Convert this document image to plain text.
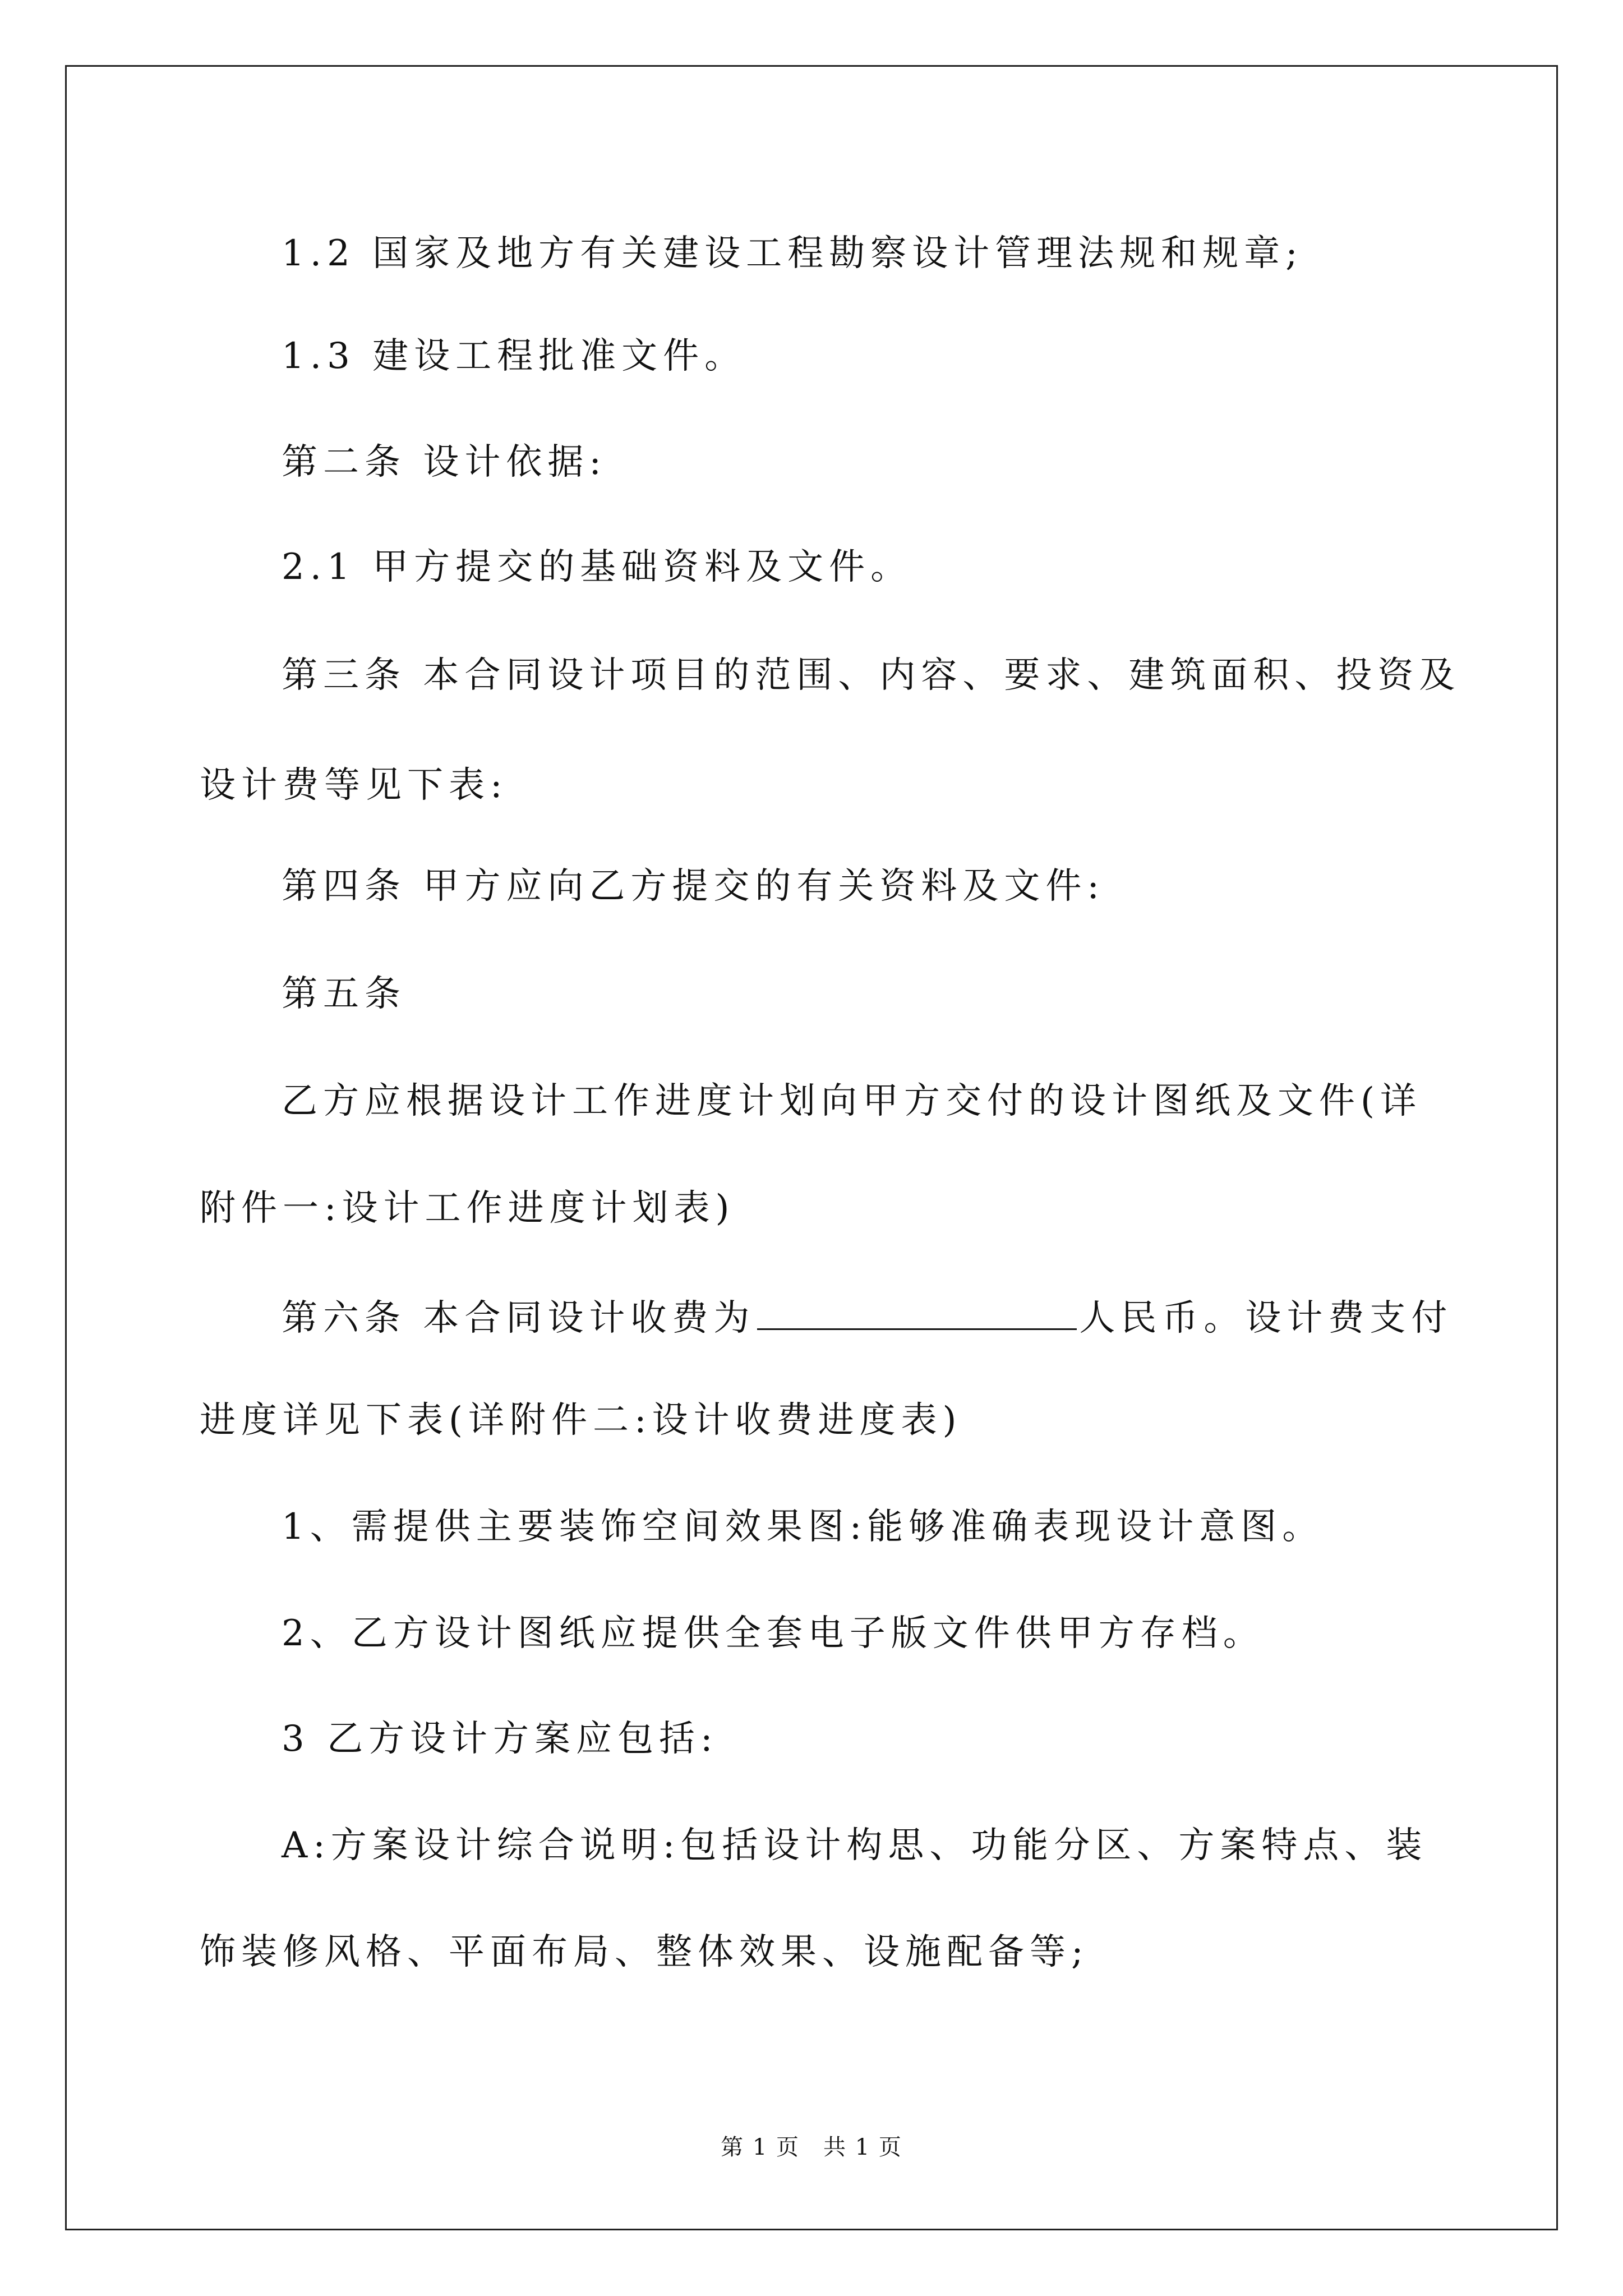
1.2 国家及地方有关建设工程勘察设计管理法规和规章;
1.3 建设工程批准文件。
第二条 设计依据:
2.1 甲方提交的基础资料及文件。
第三条 本合同设计项目的范围、内容、要求、建筑面积、投资及
设计费等见下表:
第四条 甲方应向乙方提交的有关资料及文件:
第五条
乙方应根据设计工作进度计划向甲方交付的设计图纸及文件(详
附件一:设计工作进度计划表)
第六条 本合同设计收费为	人民币。设计费支付
进度详见下表(详附件二:设计收费进度表)
1、需提供主要装饰空间效果图:能够准确表现设计意图。
2、乙方设计图纸应提供全套电子版文件供甲方存档。
3 乙方设计方案应包括:
A:方案设计综合说明:包括设计构思、功能分区、方案特点、装
饰装修风格、平面布局、整体效果、设施配备等;
第 1 页　共 1 页
